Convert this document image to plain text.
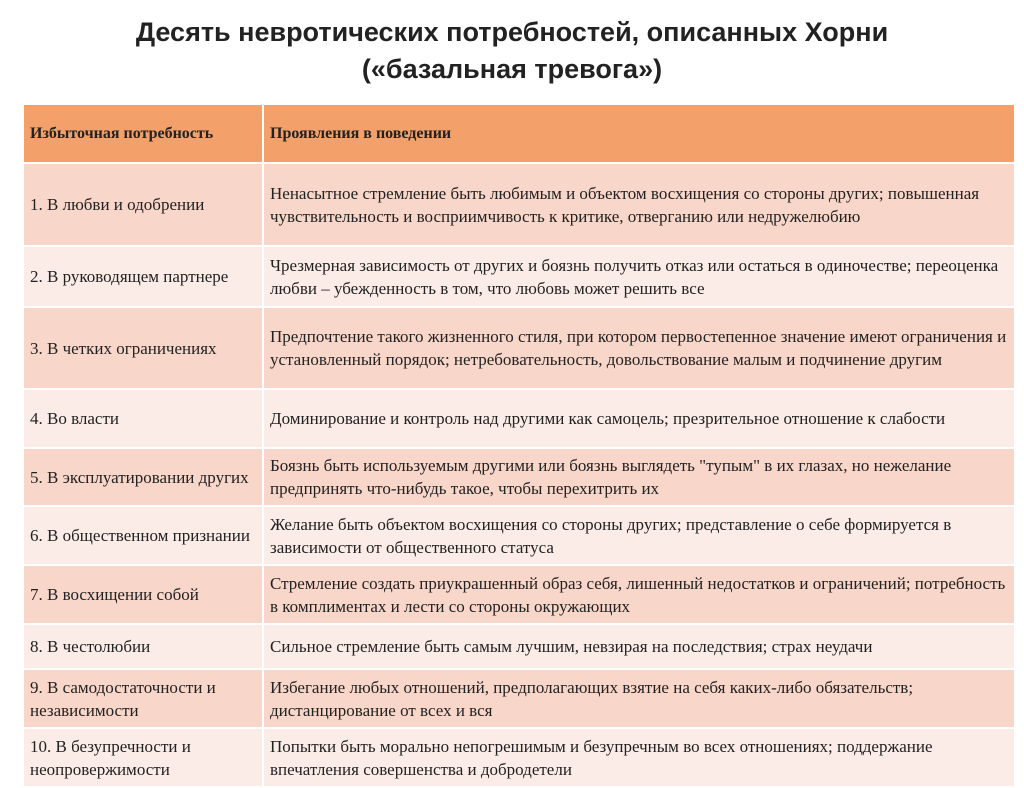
Десять невротических потребностей, описанных Хорни
(«базальная тревога»)
Избыточная потребность	Проявления в поведении
1. В любви и одобрении	Ненасытное стремление быть любимым и объектом восхищения со стороны других; повышенная чувствительность и восприимчивость к критике, отверганию или недружелюбию
2. В руководящем партнере	Чрезмерная зависимость от других и боязнь получить отказ или остаться в одиночестве; переоценка любви – убежденность в том, что любовь может решить все
3. В четких ограничениях	Предпочтение такого жизненного стиля, при котором первостепенное значение имеют ограничения и установленный порядок; нетребовательность, довольствование малым и подчинение другим
4. Во власти	Доминирование и контроль над другими как самоцель; презрительное отношение к слабости
5. В эксплуатировании других	Боязнь быть используемым другими или боязнь выглядеть "тупым" в их глазах, но нежелание предпринять что-нибудь такое, чтобы перехитрить их
6. В общественном признании	Желание быть объектом восхищения со стороны других; представление о себе формируется в зависимости от общественного статуса
7. В восхищении собой	Стремление создать приукрашенный образ себя, лишенный недостатков и ограничений; потребность в комплиментах и лести со стороны окружающих
8. В честолюбии	Сильное стремление быть самым лучшим, невзирая на последствия; страх неудачи
9. В самодостаточности и независимости	Избегание любых отношений, предполагающих взятие на себя каких-либо обязательств; дистанцирование от всех и вся
10. В безупречности и неопровержимости	Попытки быть морально непогрешимым и безупречным во всех отношениях; поддержание впечатления совершенства и добродетели
